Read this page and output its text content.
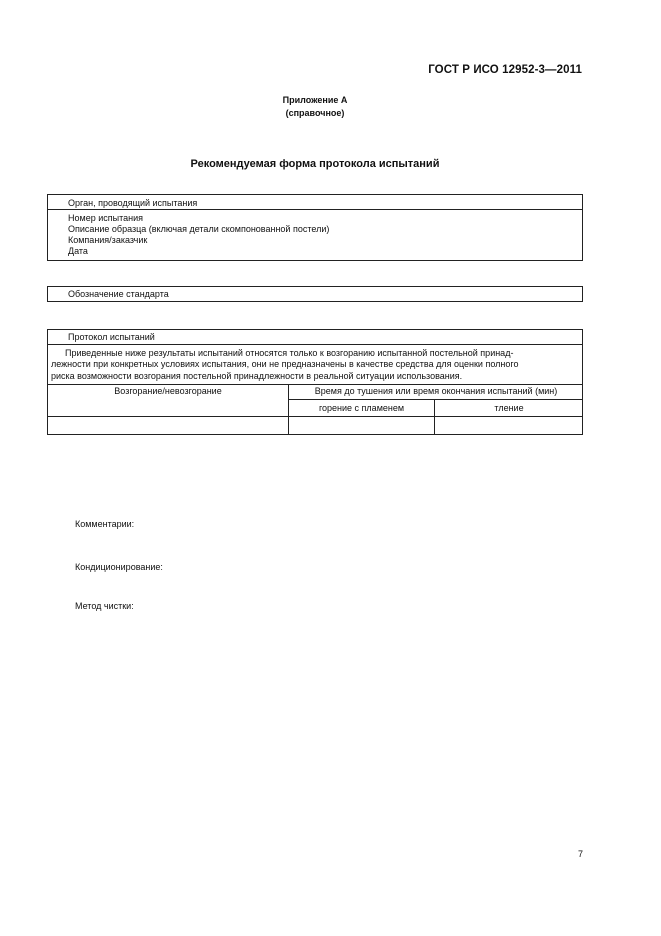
ГОСТ Р ИСО 12952-3—2011
Приложение А
(справочное)
Рекомендуемая форма протокола испытаний
Орган, проводящий испытания
Номер испытания
Описание образца (включая детали скомпонованной постели)
Компания/заказчик
Дата
Обозначение стандарта
Протокол испытаний
Приведенные ниже результаты испытаний относятся только к возгоранию испытанной постельной принад-
лежности при конкретных условиях испытания, они не предназначены в качестве средства для оценки полного
риска возможности возгорания постельной принадлежности в реальной ситуации использования.
Возгорание/невозгорание	Время до тушения или время окончания испытаний (мин)
горение с пламенем	тление
Комментарии:
Кондиционирование:
Метод чистки:
7
